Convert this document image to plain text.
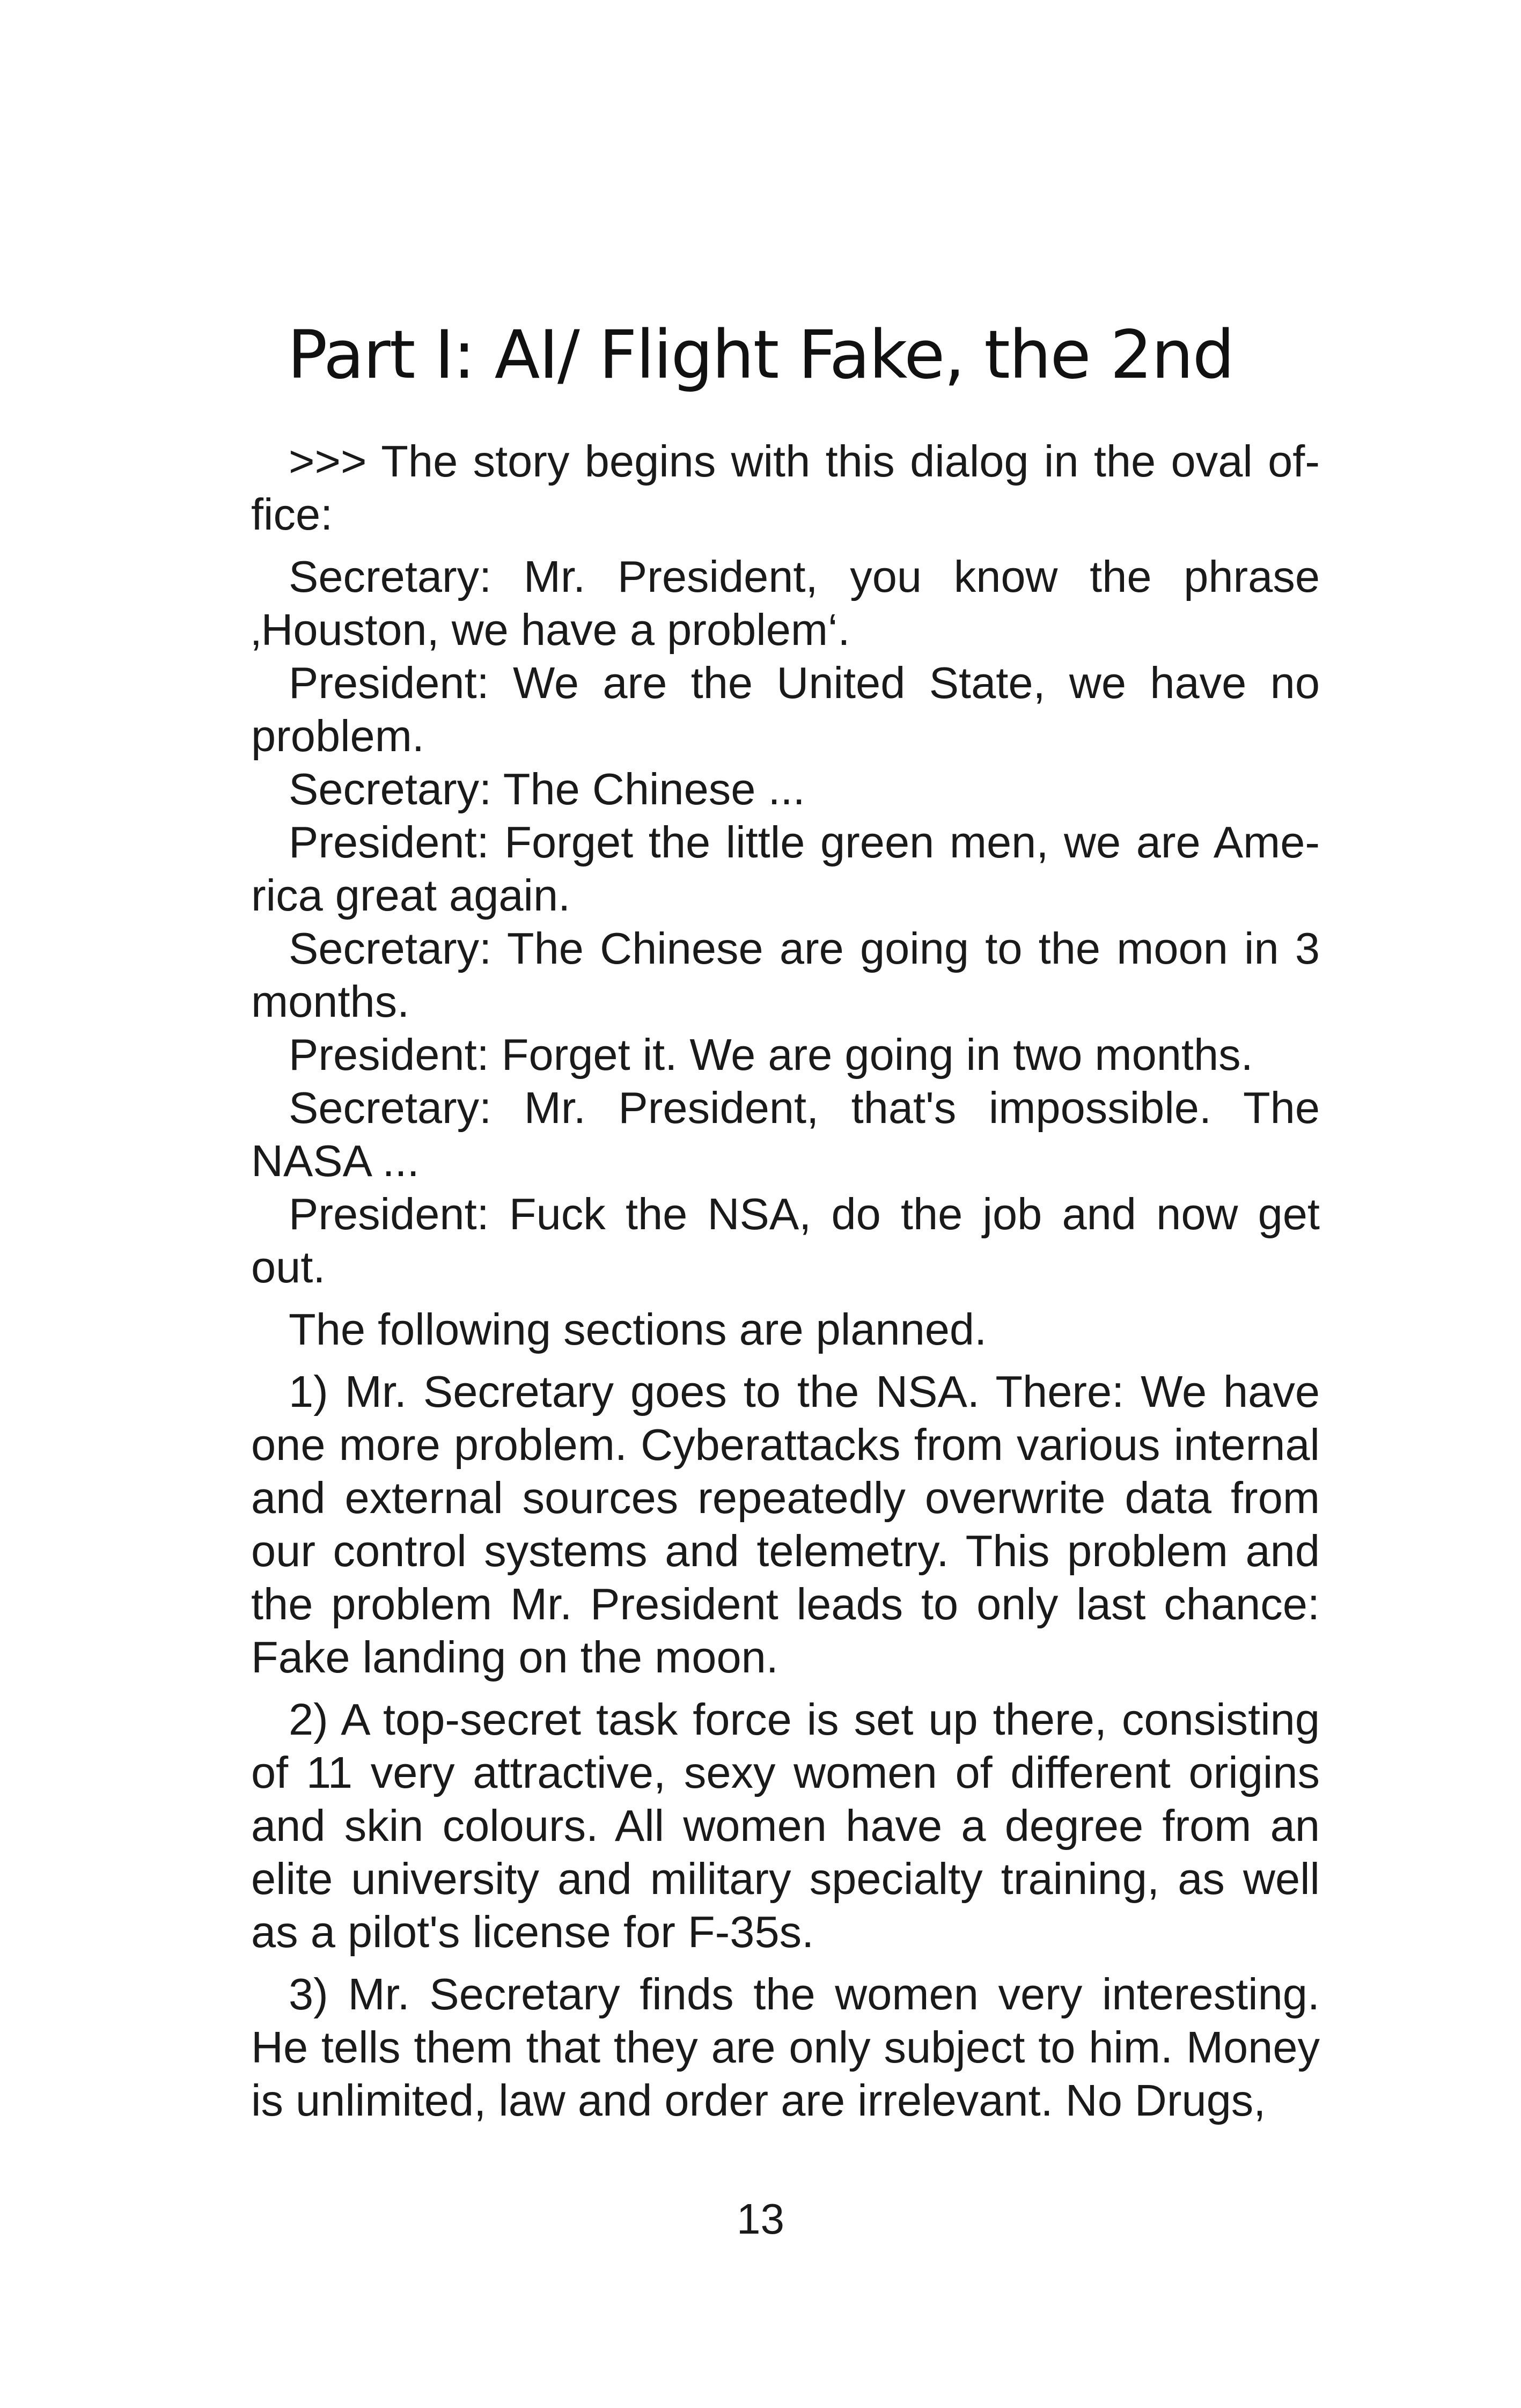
Part I: AI/ Flight Fake, the 2nd

>>> The story begins with this dialog in the oval office:

Secretary: Mr. President, you know the phrase ‚Houston, we have a problem‘.

President: We are the United State, we have no problem.

Secretary: The Chinese ...

President: Forget the little green men, we are America great again.

Secretary: The Chinese are going to the moon in 3 months.

President: Forget it. We are going in two months.

Secretary: Mr. President, that's impossible. The NASA ...

President: Fuck the NSA, do the job and now get out.

The following sections are planned.

1) Mr. Secretary goes to the NSA. There: We have one more problem. Cyberattacks from various internal and external sources repeatedly overwrite data from our control systems and telemetry. This problem and the problem Mr. President leads to only last chance: Fake landing on the moon.

2) A top-secret task force is set up there, consisting of 11 very attractive, sexy women of different origins and skin colours. All women have a degree from an elite university and military specialty training, as well as a pilot's license for F-35s.

3) Mr. Secretary finds the women very interesting. He tells them that they are only subject to him. Money is unlimited, law and order are irrelevant. No Drugs,

13
